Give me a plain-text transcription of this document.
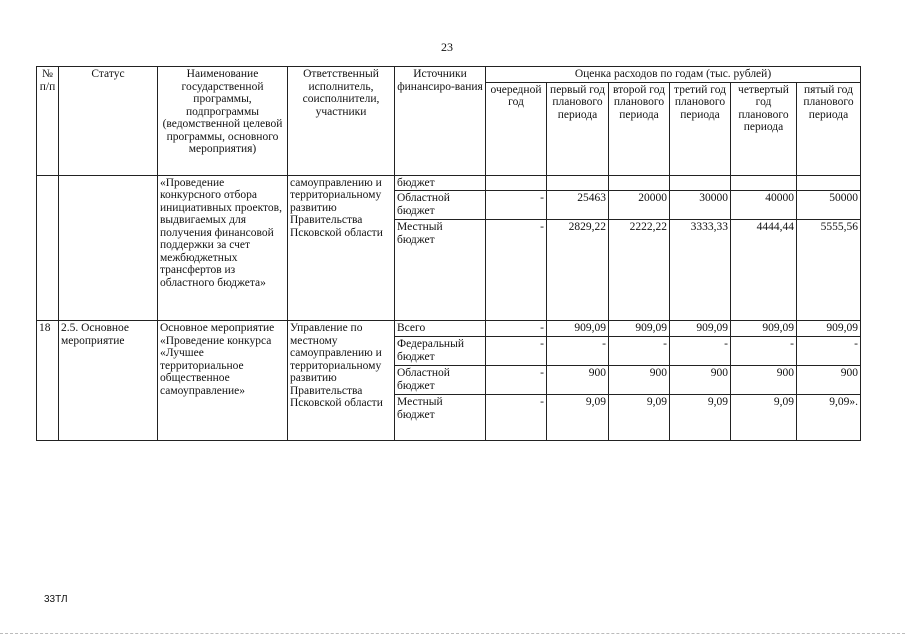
23
№ п/п	Статус	Наименование государственной программы, подпрограммы (ведомственной целевой программы, основного мероприятия)	Ответственный исполнитель, соисполнители, участники	Источники финансиро-вания	Оценка расходов по годам (тыс. рублей)					
					очередной год	первый год планового периода	второй год планового периода	третий год планового периода	четвертый год планового периода	пятый год планового периода
		«Проведение конкурсного отбора инициативных проектов, выдвигаемых для получения финансовой поддержки за счет межбюджетных трансфертов из областного бюджета»	самоуправлению и территориальному развитию Правительства Псковской области	бюджет						
				Областной бюджет	-	25463	20000	30000	40000	50000
				Местный бюджет	-	2829,22	2222,22	3333,33	4444,44	5555,56
18	2.5. Основное мероприятие	Основное мероприятие «Проведение конкурса «Лучшее территориальное общественное самоуправление»	Управление по местному самоуправлению и территориальному развитию Правительства Псковской области	Всего	-	909,09	909,09	909,09	909,09	909,09
				Федеральный бюджет	-	-	-	-	-	-
				Областной бюджет	-	900	900	900	900	900
				Местный бюджет	-	9,09	9,09	9,09	9,09	9,09».
33ТЛ
